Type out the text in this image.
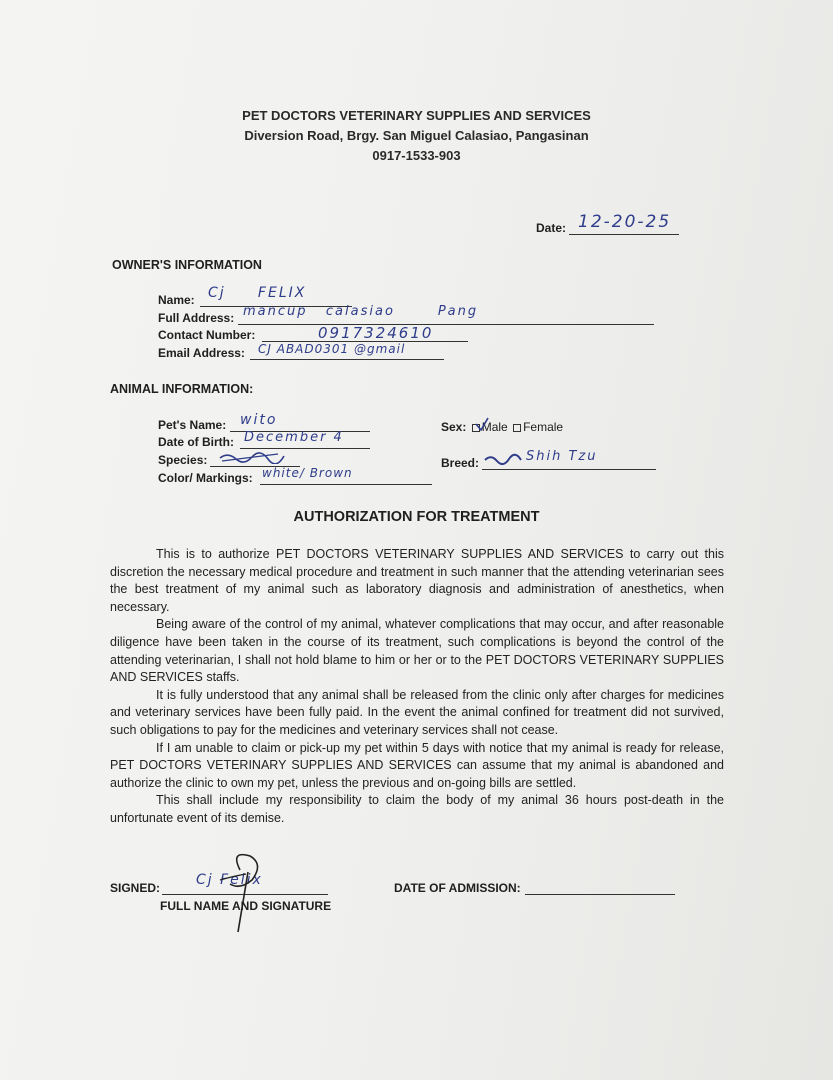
PET DOCTORS VETERINARY SUPPLIES AND SERVICES
Diversion Road, Brgy. San Miguel Calasiao, Pangasinan
0917-1533-903
Date: 12-20-25
OWNER'S INFORMATION
Name: Cj     FELIX
Full Address: mancup   calasiao       Pang
Contact Number:	0917324610
Email Address: CJ ABAD0301 @gmail
ANIMAL INFORMATION:
Pet's Name: wito
Date of Birth: December 4
Species:
Color/ Markings: white/ Brown
Sex: Male Female
Breed:	Shih Tzu
AUTHORIZATION FOR TREATMENT

This is to authorize PET DOCTORS VETERINARY SUPPLIES AND SERVICES to carry out this discretion the necessary medical procedure and treatment in such manner that the attending veterinarian sees the best treatment of my animal such as laboratory diagnosis and administration of anesthetics, when necessary.

Being aware of the control of my animal, whatever complications that may occur, and after reasonable diligence have been taken in the course of its treatment, such complications is beyond the control of the attending veterinarian, I shall not hold blame to him or her or to the PET DOCTORS VETERINARY SUPPLIES AND SERVICES staffs.

It is fully understood that any animal shall be released from the clinic only after charges for medicines and veterinary services have been fully paid. In the event the animal confined for treatment did not survived, such obligations to pay for the medicines and veterinary services shall not cease.

If I am unable to claim or pick-up my pet within 5 days with notice that my animal is ready for release, PET DOCTORS VETERINARY SUPPLIES AND SERVICES can assume that my animal is abandoned and authorize the clinic to own my pet, unless the previous and on-going bills are settled.

This shall include my responsibility to claim the body of my animal 36 hours post-death in the unfortunate event of its demise.

SIGNED:	Cj Felix
FULL NAME AND SIGNATURE
DATE OF ADMISSION:
